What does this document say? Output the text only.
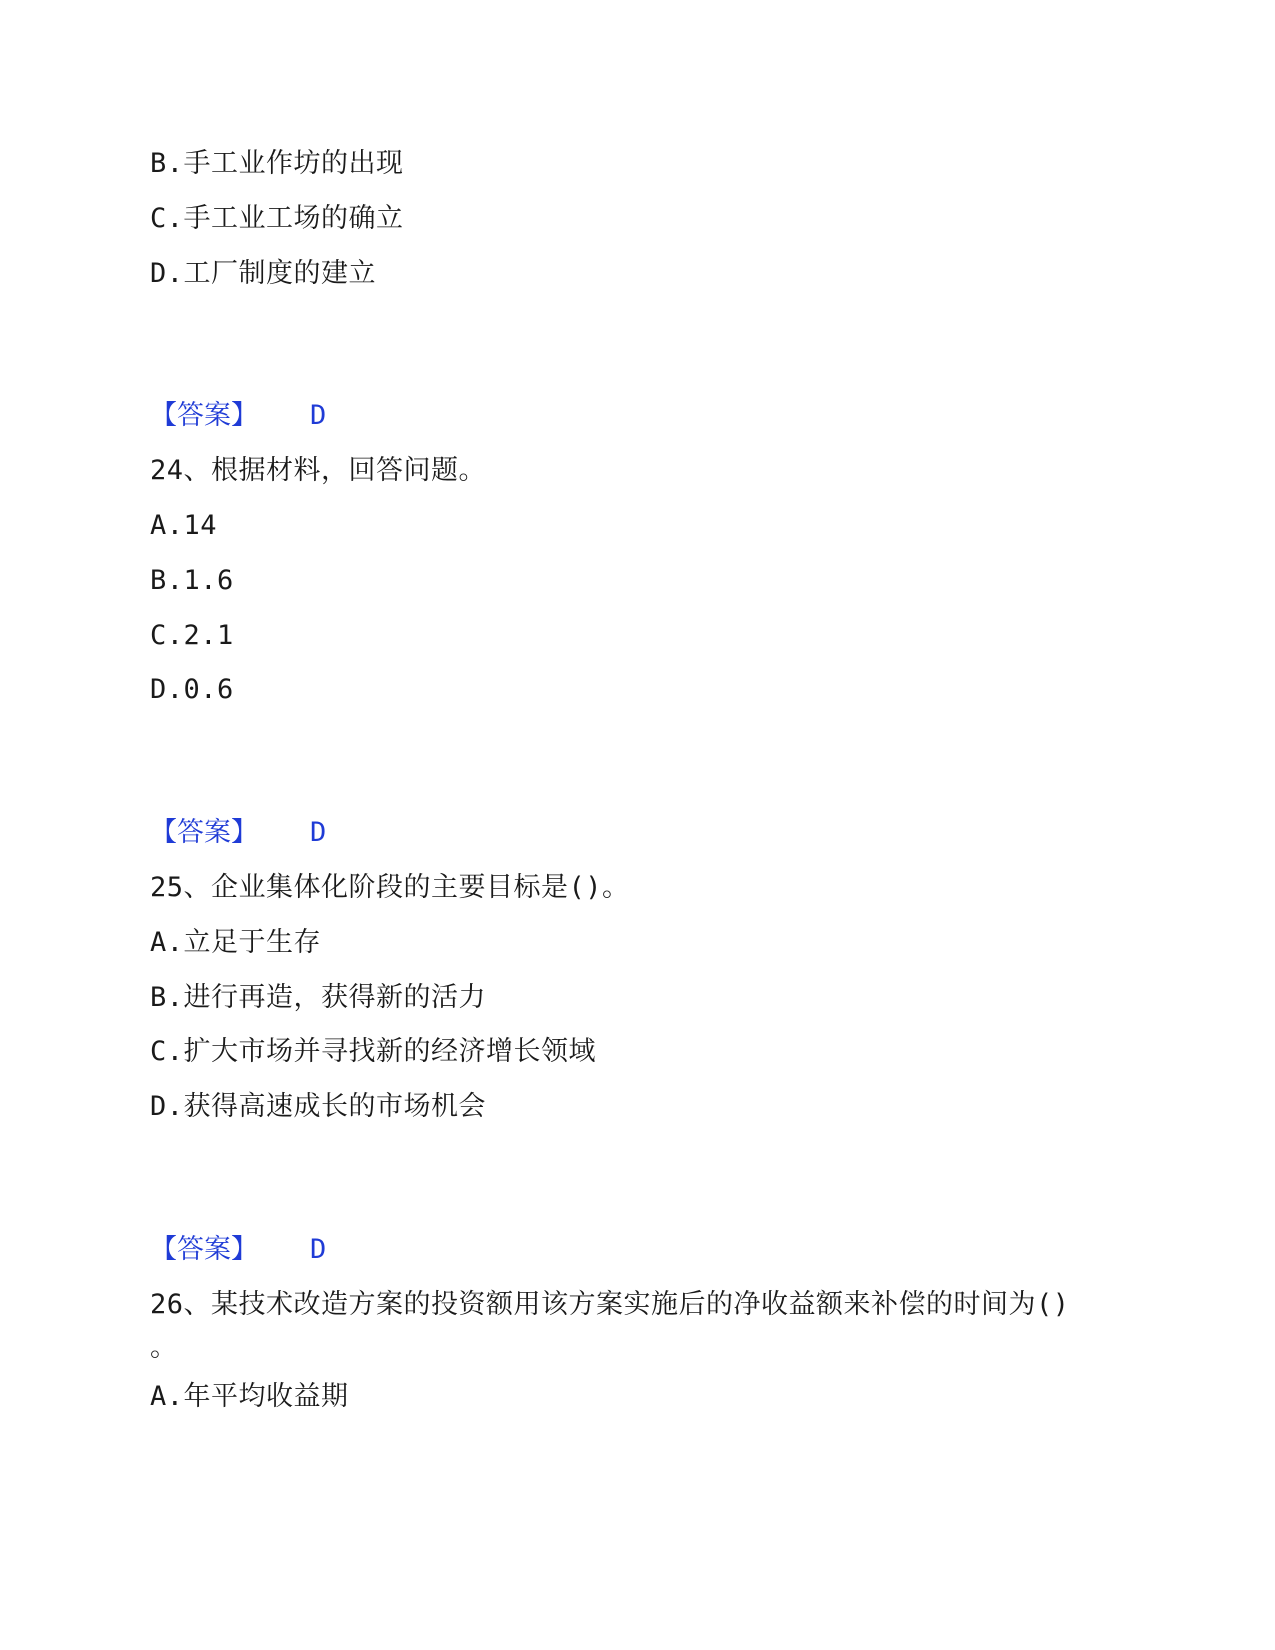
B.手工业作坊的出现
C.手工业工场的确立
D.工厂制度的建立
【答案】 D
24、根据材料，回答问题。
A.14
B.1.6
C.2.1
D.0.6
【答案】 D
25、企业集体化阶段的主要目标是()。
A.立足于生存
B.进行再造，获得新的活力
C.扩大市场并寻找新的经济增长领域
D.获得高速成长的市场机会
【答案】 D
26、某技术改造方案的投资额用该方案实施后的净收益额来补偿的时间为()
。
A.年平均收益期
